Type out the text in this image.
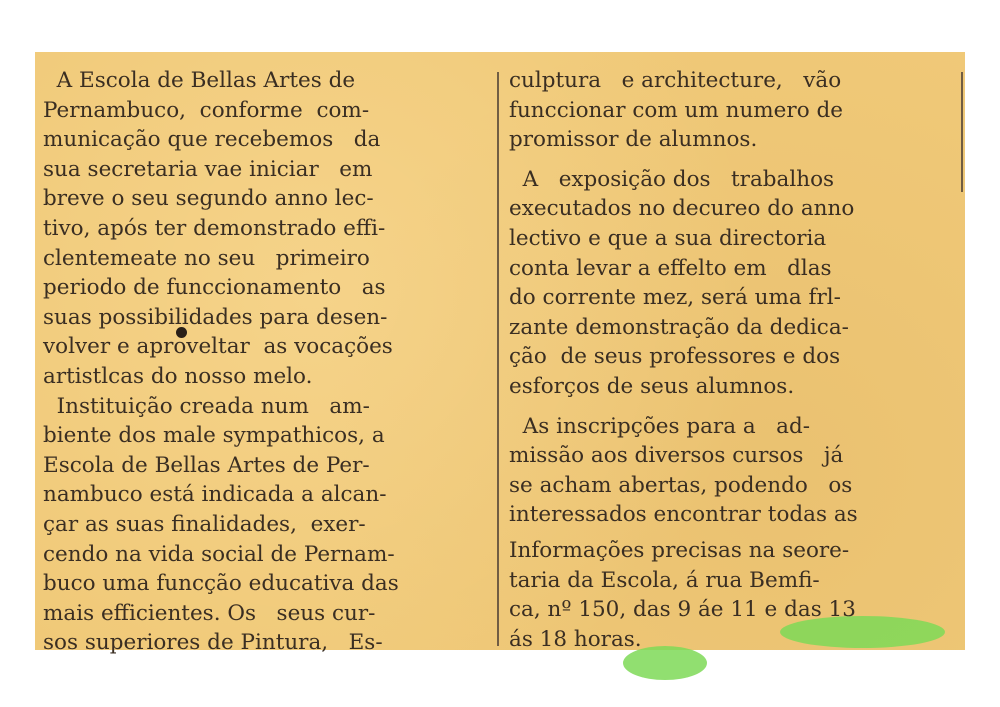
A Escola de Bellas Artes de
Pernambuco,  conforme  com-
municação que recebemos   da
sua secretaria vae iniciar   em
breve o seu segundo anno lec-
tivo, após ter demonstrado effi-
clentemeate no seu   primeiro
periodo de funccionamento   as
suas possibilidades para desen-
volver e aproveltar  as vocações
artistlcas do nosso melo.
Instituição creada num   am-
biente dos male sympathicos, a
Escola de Bellas Artes de Per-
nambuco está indicada a alcan-
çar as suas finalidades,  exer-
cendo na vida social de Pernam-
buco uma funcção educativa das
mais efficientes. Os   seus cur-
sos superiores de Pintura,   Es-
culptura   e architecture,   vão
funccionar com um numero de
promissor de alumnos.
A   exposição dos   trabalhos
executados no decureo do anno
lectivo e que a sua directoria
conta levar a effelto em   dlas
do corrente mez, será uma frl-
zante demonstração da dedica-
ção  de seus professores e dos
esforços de seus alumnos.
As inscripções para a   ad-
missão aos diversos cursos   já
se acham abertas, podendo   os
interessados encontrar todas as
Informações precisas na seore-
taria da Escola, á rua Bemfi-
ca, nº 150, das 9 áe 11 e das 13
ás 18 horas.
